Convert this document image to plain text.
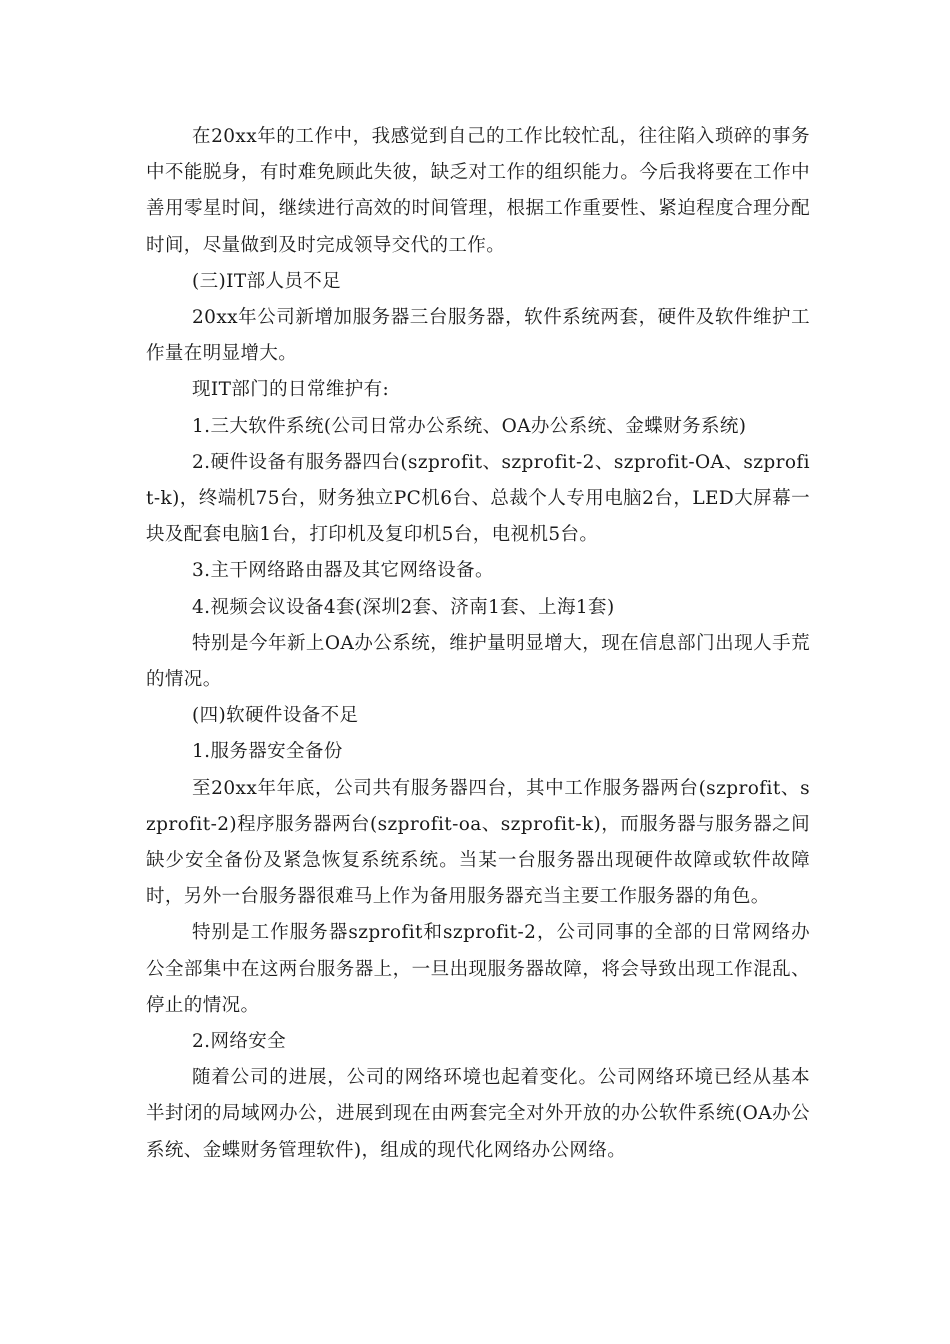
在20xx年的工作中，我感觉到自己的工作比较忙乱，往往陷入琐碎的事务中不能脱身，有时难免顾此失彼，缺乏对工作的组织能力。今后我将要在工作中善用零星时间，继续进行高效的时间管理，根据工作重要性、紧迫程度合理分配时间，尽量做到及时完成领导交代的工作。

(三)IT部人员不足

20xx年公司新增加服务器三台服务器，软件系统两套，硬件及软件维护工作量在明显增大。

现IT部门的日常维护有:

1.三大软件系统(公司日常办公系统、OA办公系统、金蝶财务系统)

2.硬件设备有服务器四台(szprofit、szprofit-2、szprofit-OA、szprofit-k)，终端机75台，财务独立PC机6台、总裁个人专用电脑2台，LED大屏幕一块及配套电脑1台，打印机及复印机5台，电视机5台。

3.主干网络路由器及其它网络设备。

4.视频会议设备4套(深圳2套、济南1套、上海1套)

特别是今年新上OA办公系统，维护量明显增大，现在信息部门出现人手荒的情况。

(四)软硬件设备不足

1.服务器安全备份

至20xx年年底，公司共有服务器四台，其中工作服务器两台(szprofit、szprofit-2)程序服务器两台(szprofit-oa、szprofit-k)，而服务器与服务器之间缺少安全备份及紧急恢复系统系统。当某一台服务器出现硬件故障或软件故障时，另外一台服务器很难马上作为备用服务器充当主要工作服务器的角色。

特别是工作服务器szprofit和szprofit-2，公司同事的全部的日常网络办公全部集中在这两台服务器上，一旦出现服务器故障，将会导致出现工作混乱、停止的情况。

2.网络安全

随着公司的进展，公司的网络环境也起着变化。公司网络环境已经从基本半封闭的局域网办公，进展到现在由两套完全对外开放的办公软件系统(OA办公系统、金蝶财务管理软件)，组成的现代化网络办公网络。
